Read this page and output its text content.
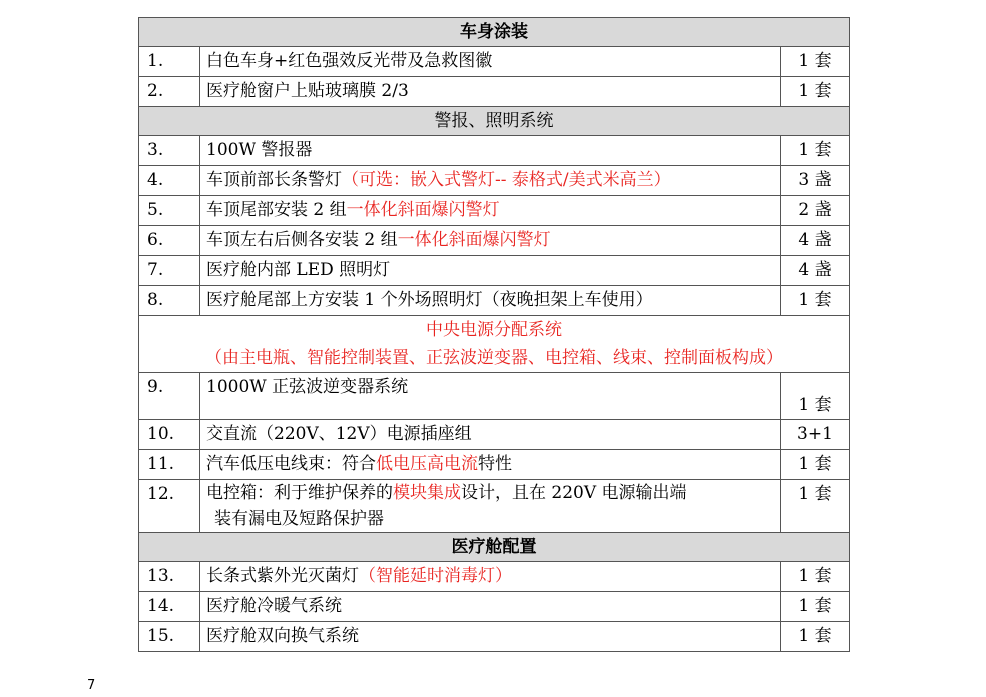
车身涂装		
1.	白色车身+红色强效反光带及急救图徽	1 套
2.	医疗舱窗户上贴玻璃膜 2/3	1 套
警报、照明系统		
3.	100W 警报器	1 套
4.	车顶前部长条警灯（可选：嵌入式警灯-- 泰格式/美式米高兰）	3 盏
5.	车顶尾部安装 2 组一体化斜面爆闪警灯	2 盏
6.	车顶左右后侧各安装 2 组一体化斜面爆闪警灯	4 盏
7.	医疗舱内部 LED 照明灯	4 盏
8.	医疗舱尾部上方安装 1 个外场照明灯（夜晚担架上车使用）	1 套

中央电源分配系统
（由主电瓶、智能控制装置、正弦波逆变器、电控箱、线束、控制面板构成）		

9.	1000W 正弦波逆变器系统	1 套
10.	交直流（220V、12V）电源插座组	3+1
11.	汽车低压电线束：符合低电压高电流特性	1 套
12.	电控箱：利于维护保养的模块集成设计，且在 220V 电源输出端
装有漏电及短路保护器	1 套
医疗舱配置		
13.	长条式紫外光灭菌灯（智能延时消毒灯）	1 套
14.	医疗舱冷暖气系统	1 套
15.	医疗舱双向换气系统	1 套
7
